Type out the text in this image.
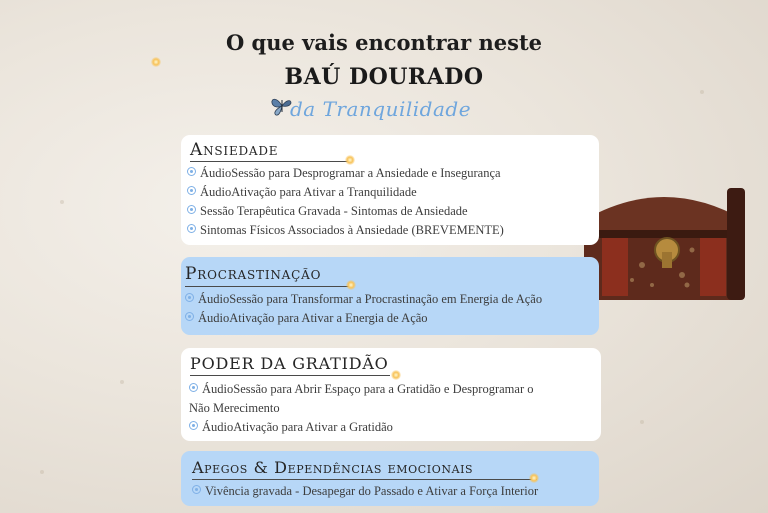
O que vais encontrar neste
BAÚ DOURADO
da Tranquilidade
Ansiedade
ÁudioSessão para Desprogramar a Ansiedade e Insegurança
ÁudioAtivação para Ativar a Tranquilidade
Sessão Terapêutica Gravada - Sintomas de Ansiedade
Sintomas Físicos Associados à Ansiedade (BREVEMENTE)
Procrastinação
ÁudioSessão para Transformar a Procrastinação em Energia de Ação
ÁudioAtivação para Ativar a Energia de Ação
PODER DA GRATIDÃO
ÁudioSessão para Abrir Espaço para a Gratidão e Desprogramar o
Não Merecimento
ÁudioAtivação para Ativar a Gratidão
Apegos & Dependências emocionais
Vivência gravada - Desapegar do Passado e Ativar a Força Interior
